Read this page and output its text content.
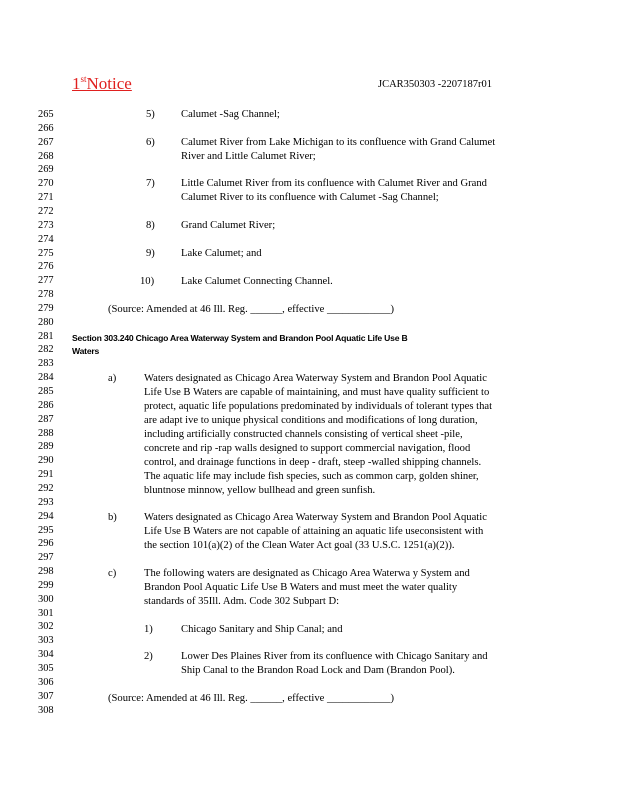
1stNotice	JCAR350303 -2207187r01
265
266
267
268
269
270
271
272
273
274
275
276
277
278
279
280
281
282
283
284
285
286
287
288
289
290
291
292
293
294
295
296
297
298
299
300
301
302
303
304
305
306
307
308
5) Calumet -Sag Channel;
6) Calumet River from Lake Michigan to its confluence with Grand Calumet
River and Little Calumet River;
7) Little Calumet River from its confluence with Calumet River and Grand
Calumet River to its confluence with Calumet -Sag Channel;
8) Grand Calumet River;
9) Lake Calumet; and
10)	Lake Calumet Connecting Channel.
(Source: Amended at 46 Ill. Reg. ______, effective ____________)
Section 303.240 Chicago Area Waterway System and Brandon Pool Aquatic Life Use B
Waters
a)	Waters designated as Chicago Area Waterway System and Brandon Pool Aquatic
Life Use B Waters are capable of maintaining, and must have quality sufficient to
protect, aquatic life populations predominated by individuals of tolerant types that
are adapt ive to unique physical conditions and modifications of long duration,
including artificially constructed channels consisting of vertical sheet -pile,
concrete and rip -rap walls designed to support commercial navigation, flood
control, and drainage functions in deep - draft, steep -walled shipping channels.
The aquatic life may include fish species, such as common carp, golden shiner,
bluntnose minnow, yellow bullhead and green sunfish.
b)	Waters designated as Chicago Area Waterway System and Brandon Pool Aquatic
Life Use B Waters are not capable of attaining an aquatic life useconsistent with
the section 101(a)(2) of the Clean Water Act goal (33 U.S.C. 1251(a)(2)).
c)	The following waters are designated as Chicago Area Waterwa y System and
Brandon Pool Aquatic Life Use B Waters and must meet the water quality
standards of 35Ill. Adm. Code 302 Subpart D:
1)	Chicago Sanitary and Ship Canal; and
2)	Lower Des Plaines River from its confluence with Chicago Sanitary and
Ship Canal to the Brandon Road Lock and Dam (Brandon Pool).
(Source: Amended at 46 Ill. Reg. ______, effective ____________)
